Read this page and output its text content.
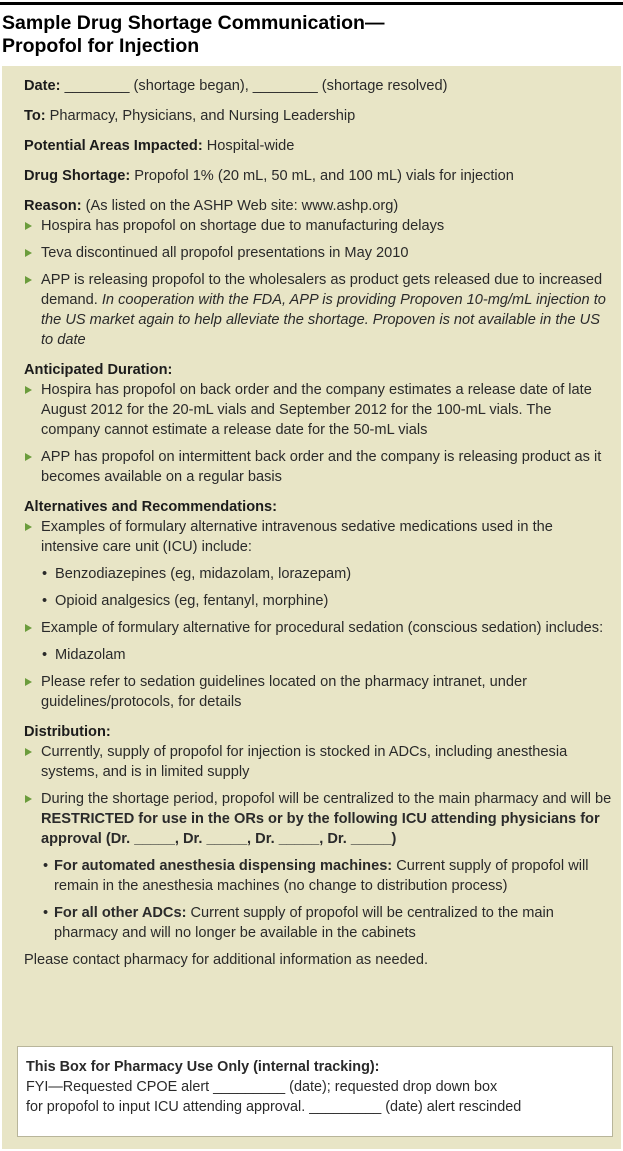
Sample Drug Shortage Communication—
Propofol for Injection
Date: ________ (shortage began), ________ (shortage resolved)
To: Pharmacy, Physicians, and Nursing Leadership
Potential Areas Impacted: Hospital-wide
Drug Shortage: Propofol 1% (20 mL, 50 mL, and 100 mL) vials for injection
Reason: (As listed on the ASHP Web site: www.ashp.org)
Hospira has propofol on shortage due to manufacturing delays
Teva discontinued all propofol presentations in May 2010
APP is releasing propofol to the wholesalers as product gets released due to increased demand. In cooperation with the FDA, APP is providing Propoven 10-mg/mL injection to the US market again to help alleviate the shortage. Propoven is not available in the US to date
Anticipated Duration:
Hospira has propofol on back order and the company estimates a release date of late August 2012 for the 20-mL vials and September 2012 for the 100-mL vials. The company cannot estimate a release date for the 50-mL vials
APP has propofol on intermittent back order and the company is releasing product as it becomes available on a regular basis
Alternatives and Recommendations:
Examples of formulary alternative intravenous sedative medications used in the intensive care unit (ICU) include:
• Benzodiazepines (eg, midazolam, lorazepam)
• Opioid analgesics (eg, fentanyl, morphine)
Example of formulary alternative for procedural sedation (conscious sedation) includes:
• Midazolam
Please refer to sedation guidelines located on the pharmacy intranet, under guidelines/protocols, for details
Distribution:
Currently, supply of propofol for injection is stocked in ADCs, including anesthesia systems, and is in limited supply
During the shortage period, propofol will be centralized to the main pharmacy and will be RESTRICTED for use in the ORs or by the following ICU attending physicians for approval (Dr. _____, Dr. _____, Dr. _____, Dr. _____)
• For automated anesthesia dispensing machines: Current supply of propofol will remain in the anesthesia machines (no change to distribution process)
• For all other ADCs: Current supply of propofol will be centralized to the main pharmacy and will no longer be available in the cabinets
Please contact pharmacy for additional information as needed.
This Box for Pharmacy Use Only (internal tracking):
FYI—Requested CPOE alert _________ (date); requested drop down box
for propofol to input ICU attending approval. _________ (date) alert rescinded
